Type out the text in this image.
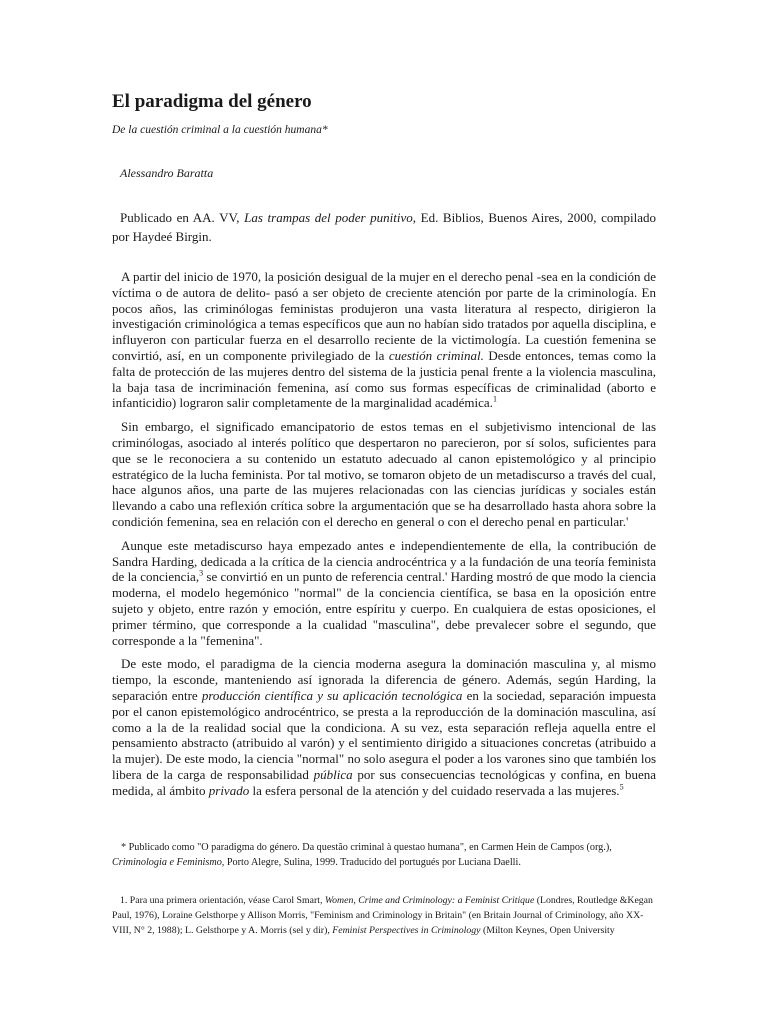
El paradigma del género
De la cuestión criminal a la cuestión humana*
Alessandro Baratta
Publicado en AA. VV, Las trampas del poder punitivo, Ed. Biblios, Buenos Aires, 2000, compilado por Haydeé Birgin.

A partir del inicio de 1970, la posición desigual de la mujer en el derecho penal -sea en la condición de víctima o de autora de delito- pasó a ser objeto de creciente atención por parte de la criminología. En pocos años, las criminólogas feministas produjeron una vasta literatura al respecto, dirigieron la investigación criminológica a temas específicos que aun no habían sido tratados por aquella disciplina, e influyeron con particular fuerza en el desarrollo reciente de la victimología. La cuestión femenina se convirtió, así, en un componente privilegiado de la cuestión criminal. Desde entonces, temas como la falta de protección de las mujeres dentro del sistema de la justicia penal frente a la violencia masculina, la baja tasa de incriminación femenina, así como sus formas específicas de criminalidad (aborto e infanticidio) lograron salir completamente de la marginalidad académica.$^1$

Sin embargo, el significado emancipatorio de estos temas en el subjetivismo intencional de las criminólogas, asociado al interés político que despertaron no parecieron, por sí solos, suficientes para que se le reconociera a su contenido un estatuto adecuado al canon epistemológico y al principio estratégico de la lucha feminista. Por tal motivo, se tomaron objeto de un metadiscurso a través del cual, hace algunos años, una parte de las mujeres relacionadas con las ciencias jurídicas y sociales están llevando a cabo una reflexión crítica sobre la argumentación que se ha desarrollado hasta ahora sobre la condición femenina, sea en relación con el derecho en general o con el derecho penal en particular.'

Aunque este metadiscurso haya empezado antes e independientemente de ella, la contribución de Sandra Harding, dedicada a la crítica de la ciencia androcéntrica y a la fundación de una teoría feminista de la conciencia,$^3$ se convirtió en un punto de referencia central.' Harding mostró de que modo la ciencia moderna, el modelo hegemónico "normal" de la conciencia científica, se basa en la oposición entre sujeto y objeto, entre razón y emoción, entre espíritu y cuerpo. En cualquiera de estas oposiciones, el primer término, que corresponde a la cualidad "masculina", debe prevalecer sobre el segundo, que corresponde a la "femenina".

De este modo, el paradigma de la ciencia moderna asegura la dominación masculina y, al mismo tiempo, la esconde, manteniendo así ignorada la diferencia de género. Además, según Harding, la separación entre producción científica y su aplicación tecnológica en la sociedad, separación impuesta por el canon epistemológico androcéntrico, se presta a la reproducción de la dominación masculina, así como a la de la realidad social que la condiciona. A su vez, esta separación refleja aquella entre el pensamiento abstracto (atribuido al varón) y el sentimiento dirigido a situaciones concretas (atribuido a la mujer). De este modo, la ciencia "normal" no solo asegura el poder a los varones sino que también los libera de la carga de responsabilidad pública por sus consecuencias tecnológicas y confina, en buena medida, al ámbito privado la esfera personal de la atención y del cuidado reservada a las mujeres.$^5$

* Publicado como "O paradigma do género. Da questão criminal à questao humana", en Carmen Hein de Campos (org.), Criminologia e Feminismo, Porto Alegre, Sulina, 1999. Traducido del portugués por Luciana Daelli.
1. Para una primera orientación, véase Carol Smart, Women, Crime and Criminology: a Feminist Critique (Londres, Routledge &Kegan Paul, 1976), Loraine Gelsthorpe y Allison Morris, "Feminism and Criminology in Britain" (en Britain Journal of Criminology, año XX-VIII, N° 2, 1988); L. Gelsthorpe y A. Morris (sel y dir), Feminist Perspectives in Criminology (Milton Keynes, Open University
